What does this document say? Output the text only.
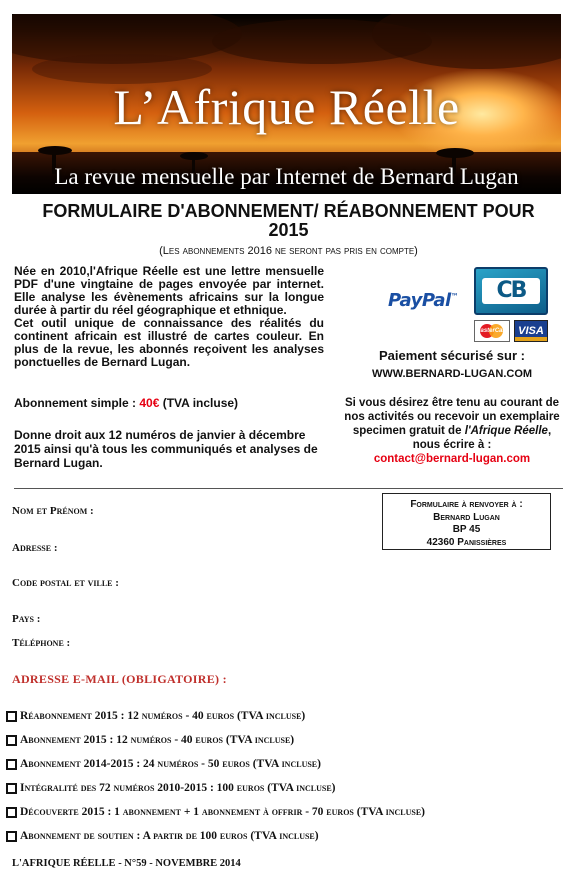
L’Afrique Réelle
La revue mensuelle par Internet de Bernard Lugan
FORMULAIRE D'ABONNEMENT/ RÉABONNEMENT POUR 2015
(Les abonnements 2016 ne seront pas pris en compte)

Née en 2010,l'Afrique Réelle est une lettre mensuelle PDF d'une vingtaine de pages envoyée par internet. Elle analyse les évènements africains sur la longue durée à partir du réel géographique et ethnique.

Cet outil unique de connaissance des réalités du continent africain est illustré de cartes couleur. En plus de la revue, les abonnés reçoivent les analyses ponctuelles de Bernard Lugan.

Abonnement simple : 40€ (TVA incluse)
Donne droit aux 12 numéros de janvier à décembre 2015 ainsi qu'à tous les communiqués et analyses de Bernard Lugan.
PayPal™	CB
MasterCard VISA
Paiement sécurisé sur :
WWW.BERNARD-LUGAN.COM
Si vous désirez être tenu au courant de nos activités ou recevoir un exemplaire specimen gratuit de l'Afrique Réelle, nous écrire à :
contact@bernard-lugan.com
Nom et Prénom :
Adresse :
Code postal et ville :
Pays :
Téléphone :
ADRESSE E-MAIL (OBLIGATOIRE) :
Formulaire à renvoyer à :
Bernard Lugan
BP 45
42360 Panissières
Réabonnement 2015 : 12 numéros - 40 euros (TVA incluse)
Abonnement 2015 : 12 numéros - 40 euros (TVA incluse)
Abonnement 2014-2015 : 24 numéros - 50 euros (TVA incluse)
Intégralité des 72 numéros 2010-2015 : 100 euros (TVA incluse)
Découverte 2015 : 1 abonnement + 1 abonnement à offrir - 70 euros (TVA incluse)
Abonnement de soutien : A partir de 100 euros (TVA incluse)
L'AFRIQUE RÉELLE - N°59 - NOVEMBRE 2014
